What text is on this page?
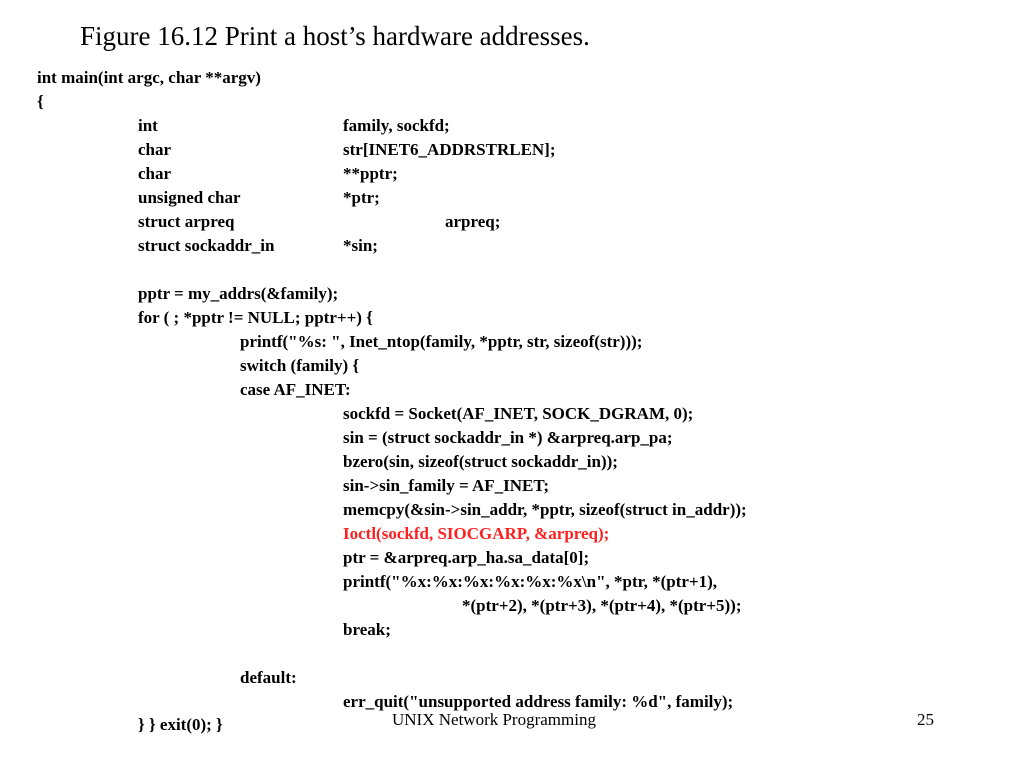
Figure 16.12 Print a host’s hardware addresses.
int main(int argc, char **argv)
{
int	family, sockfd;
char	str[INET6_ADDRSTRLEN];
char	**pptr;
unsigned char	*ptr;
struct arpreq	arpreq;
struct sockaddr_in	*sin;
pptr = my_addrs(&family);
for ( ; *pptr != NULL; pptr++) {
printf("%s: ", Inet_ntop(family, *pptr, str, sizeof(str)));
switch (family) {
case AF_INET:
sockfd = Socket(AF_INET, SOCK_DGRAM, 0);
sin = (struct sockaddr_in *) &arpreq.arp_pa;
bzero(sin, sizeof(struct sockaddr_in));
sin->sin_family = AF_INET;
memcpy(&sin->sin_addr, *pptr, sizeof(struct in_addr));
Ioctl(sockfd, SIOCGARP, &arpreq);
ptr = &arpreq.arp_ha.sa_data[0];
printf("%x:%x:%x:%x:%x:%x\n", *ptr, *(ptr+1),
*(ptr+2), *(ptr+3), *(ptr+4), *(ptr+5));
break;
default:
err_quit("unsupported address family: %d", family);
} } exit(0); }	UNIX Network Programming	25
